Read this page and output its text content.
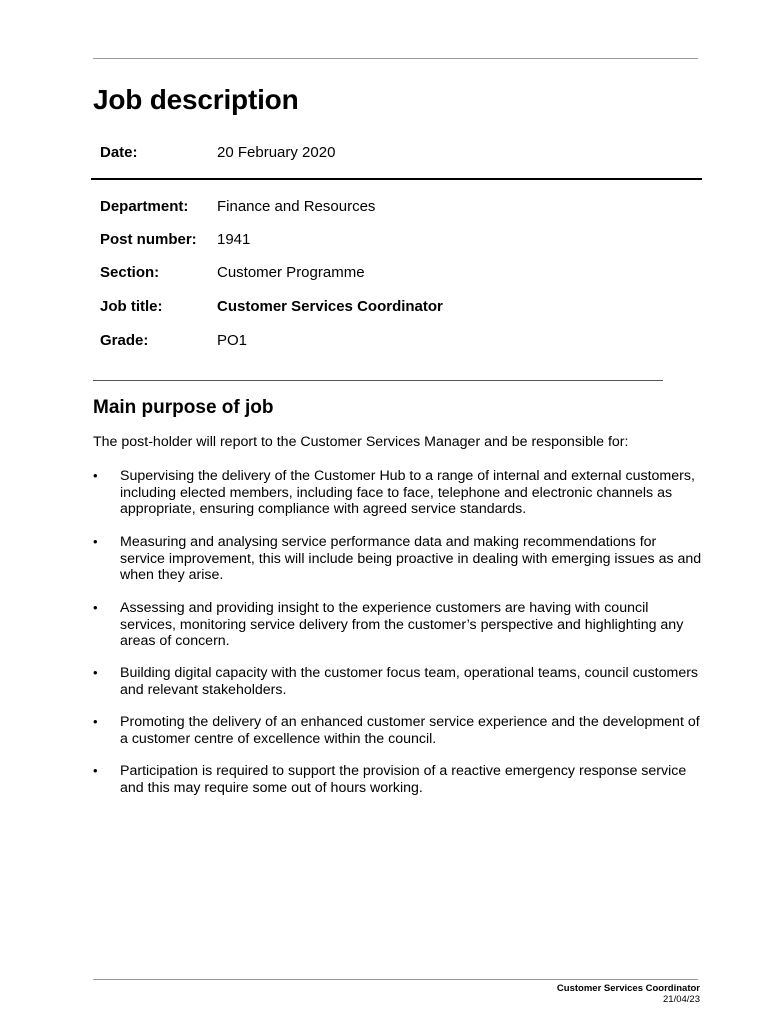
Job description
Date:	20 February 2020
Department: Finance and Resources
Post number: 1941
Section:	Customer Programme
Job title:	Customer Services Coordinator
Grade:	PO1
Main purpose of job
The post-holder will report to the Customer Services Manager and be responsible for:
• Supervising the delivery of the Customer Hub to a range of internal and external customers, including elected members, including face to face, telephone and electronic channels as appropriate, ensuring compliance with agreed service standards.
• Measuring and analysing service performance data and making recommendations for service improvement, this will include being proactive in dealing with emerging issues as and when they arise.
• Assessing and providing insight to the experience customers are having with council services, monitoring service delivery from the customer’s perspective and highlighting any areas of concern.
• Building digital capacity with the customer focus team, operational teams, council customers and relevant stakeholders.
• Promoting the delivery of an enhanced customer service experience and the development of a customer centre of excellence within the council.
• Participation is required to support the provision of a reactive emergency response service and this may require some out of hours working.
Customer Services Coordinator
21/04/23
